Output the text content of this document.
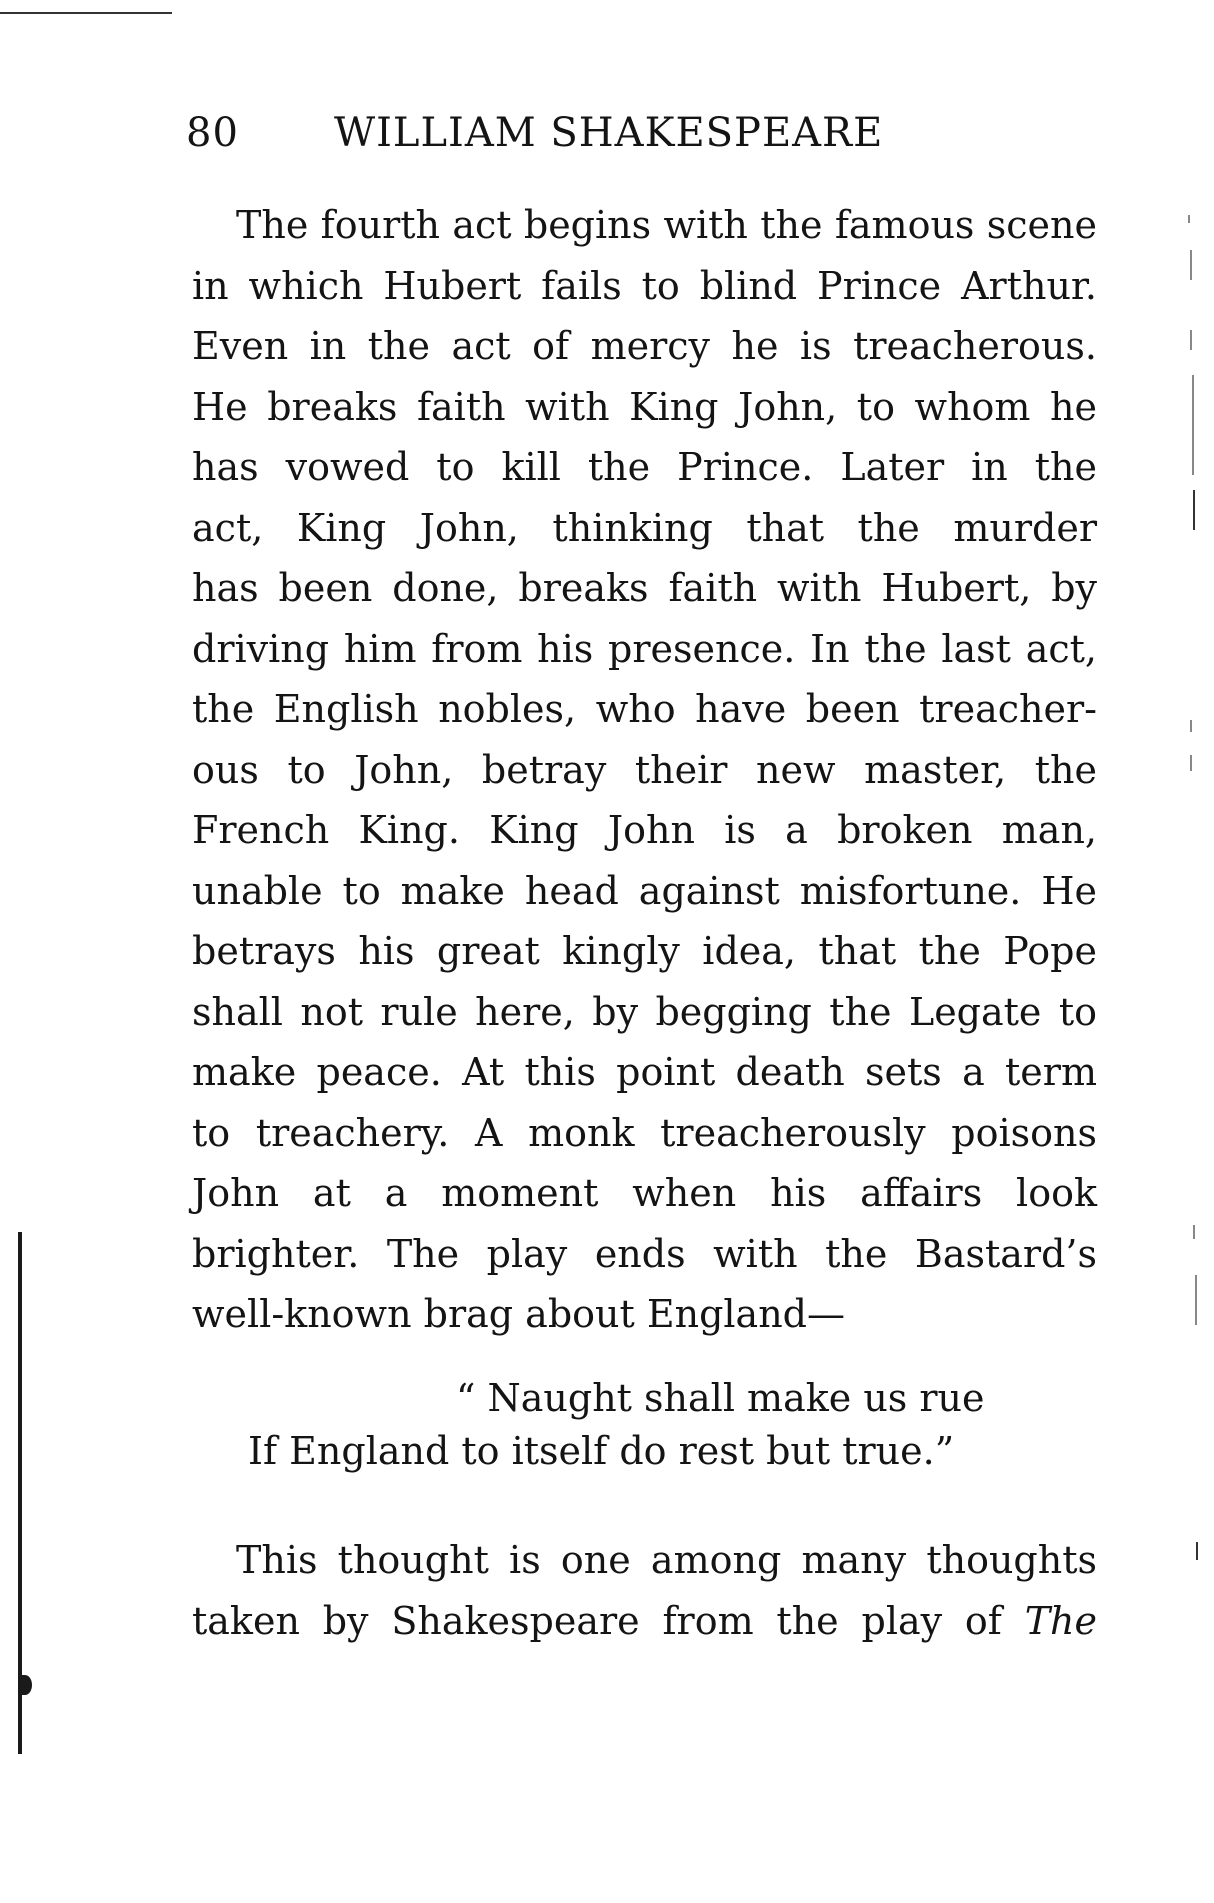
80 WILLIAM SHAKESPEARE
The fourth act begins with the famous scene
in which Hubert fails to blind Prince Arthur.
Even in the act of mercy he is treacherous.
He breaks faith with King John, to whom he
has vowed to kill the Prince. Later in the
act, King John, thinking that the murder
has been done, breaks faith with Hubert, by
driving him from his presence. In the last act,
the English nobles, who have been treacher-
ous to John, betray their new master, the
French King. King John is a broken man,
unable to make head against misfortune. He
betrays his great kingly idea, that the Pope
shall not rule here, by begging the Legate to
make peace. At this point death sets a term
to treachery. A monk treacherously poisons
John at a moment when his affairs look
brighter. The play ends with the Bastard’s
well-known brag about England—
“ Naught shall make us rue
If England to itself do rest but true.”
This thought is one among many thoughts
taken by Shakespeare from the play of The
